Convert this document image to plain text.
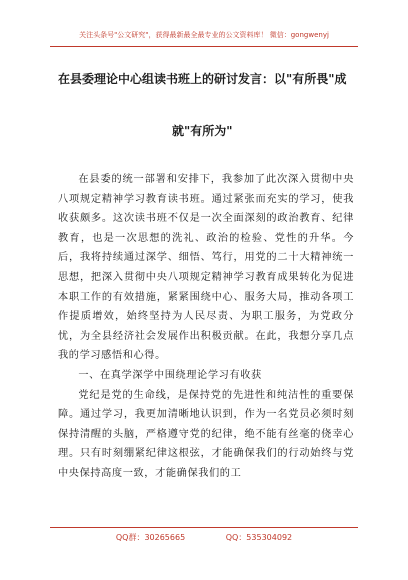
关注头条号"公文研究"，获得最新最全最专业的公文资料库！ 微信：gongwenyj
在县委理论中心组读书班上的研讨发言：以"有所畏"成
就"有所为"

在县委的统一部署和安排下，我参加了此次深入贯彻中央八项规定精神学习教育读书班。通过紧张而充实的学习，使我收获颇多。这次读书班不仅是一次全面深刻的政治教育、纪律教育，也是一次思想的洗礼、政治的检验、党性的升华。今后，我将持续通过深学、细悟、笃行，用党的二十大精神统一思想，把深入贯彻中央八项规定精神学习教育成果转化为促进本职工作的有效措施，紧紧围绕中心、服务大局，推动各项工作提质增效，始终坚持为人民尽责、为职工服务，为党政分忧，为全县经济社会发展作出积极贡献。在此，我想分享几点我的学习感悟和心得。

一、在真学深学中围绕理论学习有收获

党纪是党的生命线，是保持党的先进性和纯洁性的重要保障。通过学习，我更加清晰地认识到，作为一名党员必须时刻保持清醒的头脑，严格遵守党的纪律，绝不能有丝毫的侥幸心理。只有时刻绷紧纪律这根弦，才能确保我们的行动始终与党中央保持高度一致，才能确保我们的工

QQ群：30265665	QQ：535304092
